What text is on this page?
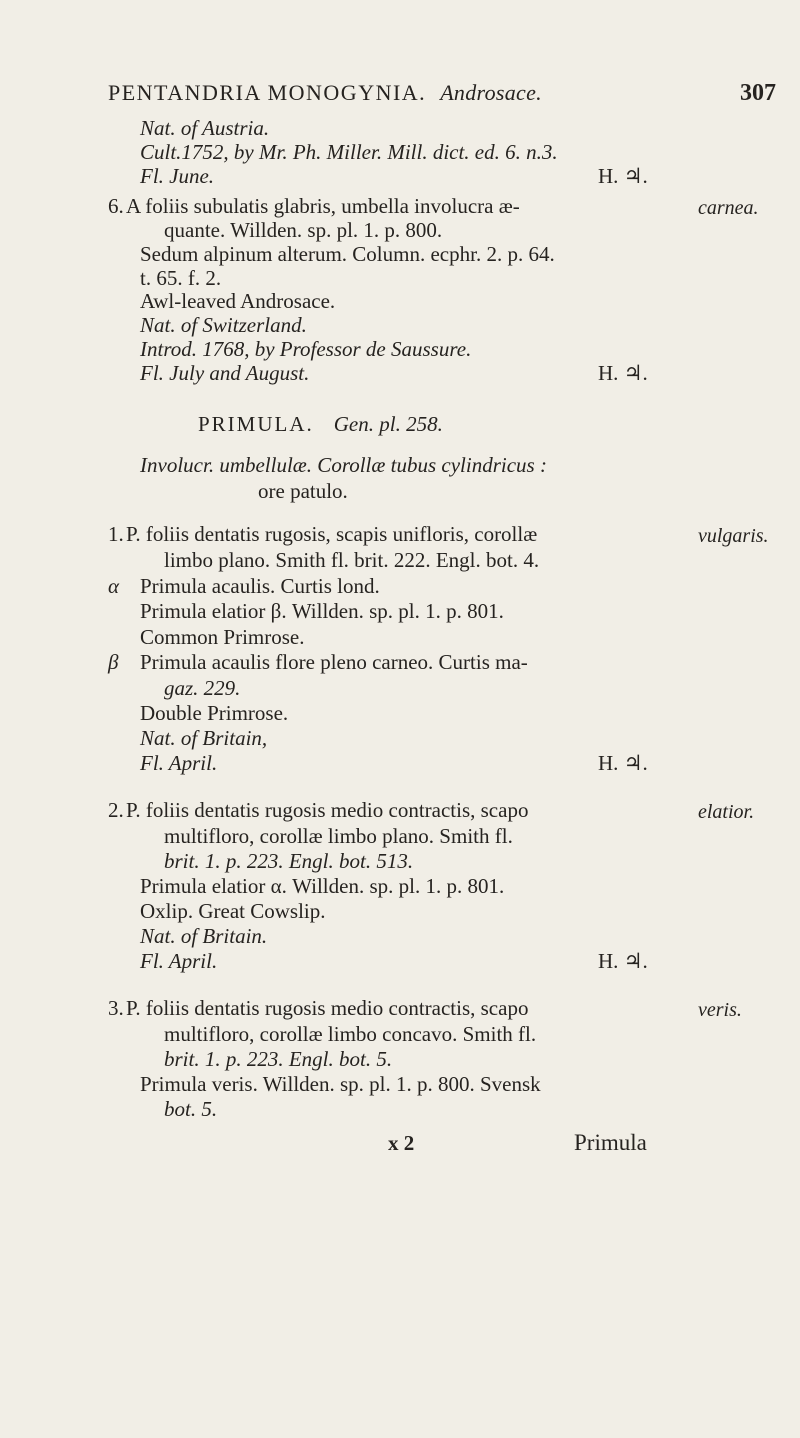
PENTANDRIA MONOGYNIA. Androsace.	307
Nat. of Austria.
Cult.1752, by Mr. Ph. Miller. Mill. dict. ed. 6. n.3.
Fl. June.	H. ♃.
6. A foliis subulatis glabris, umbella involucra æ-	carnea.
quante. Willden. sp. pl. 1. p. 800.
Sedum alpinum alterum. Column. ecphr. 2. p. 64.
t. 65. f. 2.
Awl-leaved Androsace.
Nat. of Switzerland.
Introd. 1768, by Professor de Saussure.
Fl. July and August.	H. ♃.
PRIMULA. Gen. pl. 258.
Involucr. umbellulæ. Corollæ tubus cylindricus :
ore patulo.
1. P. foliis dentatis rugosis, scapis unifloris, corollæ	vulgaris.
limbo plano. Smith fl. brit. 222. Engl. bot. 4.
α Primula acaulis. Curtis lond.
Primula elatior β. Willden. sp. pl. 1. p. 801.
Common Primrose.
β Primula acaulis flore pleno carneo. Curtis ma-
gaz. 229.
Double Primrose.
Nat. of Britain,
Fl. April.	H. ♃.
2. P. foliis dentatis rugosis medio contractis, scapo	elatior.
multifloro, corollæ limbo plano. Smith fl.
brit. 1. p. 223. Engl. bot. 513.
Primula elatior α. Willden. sp. pl. 1. p. 801.
Oxlip. Great Cowslip.
Nat. of Britain.
Fl. April.	H. ♃.
3. P. foliis dentatis rugosis medio contractis, scapo	veris.
multifloro, corollæ limbo concavo. Smith fl.
brit. 1. p. 223. Engl. bot. 5.
Primula veris. Willden. sp. pl. 1. p. 800. Svensk
bot. 5.
x 2	Primula
